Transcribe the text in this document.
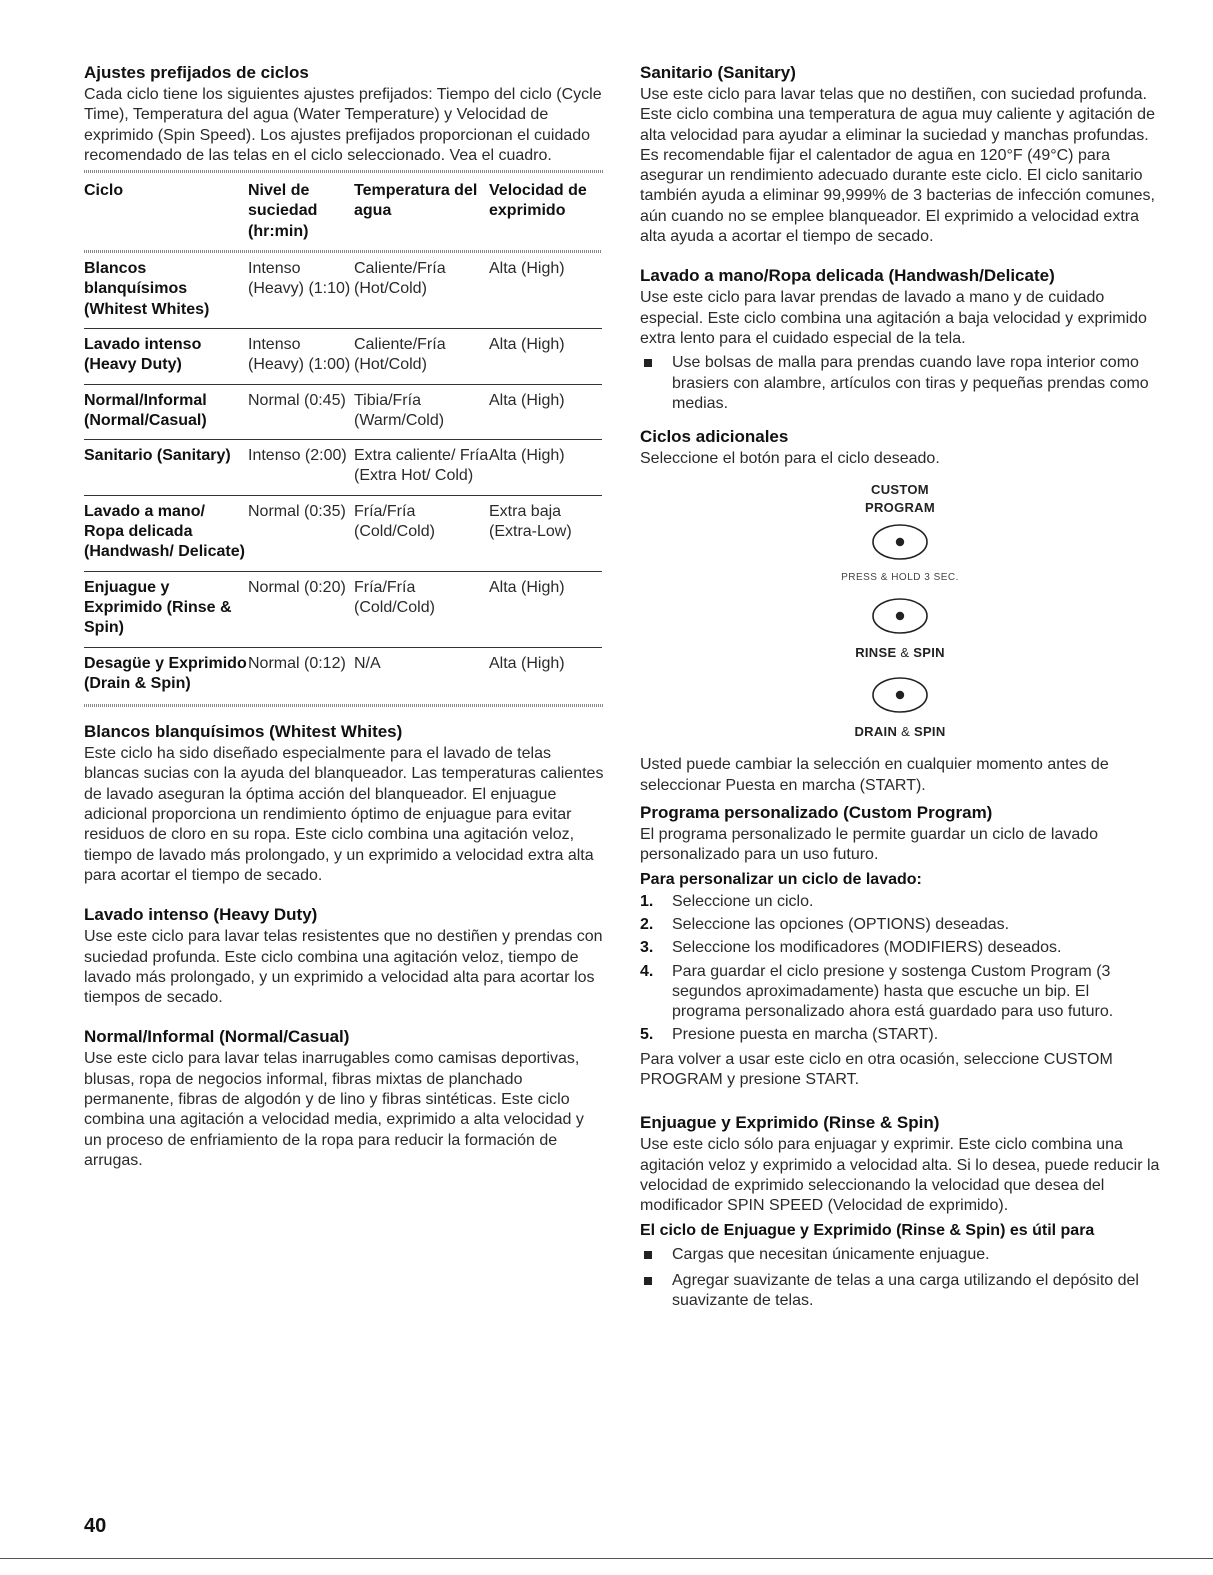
Ajustes prefijados de ciclos

Cada ciclo tiene los siguientes ajustes prefijados: Tiempo del ciclo (Cycle Time), Temperatura del agua (Water Temperature) y Velocidad de exprimido (Spin Speed). Los ajustes prefijados proporcionan el cuidado recomendado de las telas en el ciclo seleccionado. Vea el cuadro.

Ciclo	Nivel de suciedad (hr:min)	Temperatura del agua	Velocidad de exprimido

Blancos blanquísimos (Whitest Whites)	Intenso (Heavy) (1:10)	Caliente/Fría (Hot/Cold)	Alta (High)
Lavado intenso (Heavy Duty)	Intenso (Heavy) (1:00)	Caliente/Fría (Hot/Cold)	Alta (High)
Normal/Informal (Normal/Casual)	Normal (0:45)	Tibia/Fría (Warm/Cold)	Alta (High)
Sanitario (Sanitary)	Intenso (2:00)	Extra caliente/ Fría (Extra Hot/ Cold)	Alta (High)
Lavado a mano/ Ropa delicada (Handwash/ Delicate)	Normal (0:35)	Fría/Fría (Cold/Cold)	Extra baja (Extra-Low)
Enjuague y Exprimido (Rinse & Spin)	Normal (0:20)	Fría/Fría (Cold/Cold)	Alta (High)
Desagüe y Exprimido (Drain & Spin)	Normal (0:12)	N/A	Alta (High)
Blancos blanquísimos (Whitest Whites)

Este ciclo ha sido diseñado especialmente para el lavado de telas blancas sucias con la ayuda del blanqueador. Las temperaturas calientes de lavado aseguran la óptima acción del blanqueador. El enjuague adicional proporciona un rendimiento óptimo de enjuague para evitar residuos de cloro en su ropa. Este ciclo combina una agitación veloz, tiempo de lavado más prolongado, y un exprimido a velocidad extra alta para acortar el tiempo de secado.

Lavado intenso (Heavy Duty)

Use este ciclo para lavar telas resistentes que no destiñen y prendas con suciedad profunda. Este ciclo combina una agitación veloz, tiempo de lavado más prolongado, y un exprimido a velocidad alta para acortar los tiempos de secado.

Normal/Informal (Normal/Casual)

Use este ciclo para lavar telas inarrugables como camisas deportivas, blusas, ropa de negocios informal, fibras mixtas de planchado permanente, fibras de algodón y de lino y fibras sintéticas. Este ciclo combina una agitación a velocidad media, exprimido a alta velocidad y un proceso de enfriamiento de la ropa para reducir la formación de arrugas.

Sanitario (Sanitary)

Use este ciclo para lavar telas que no destiñen, con suciedad profunda. Este ciclo combina una temperatura de agua muy caliente y agitación de alta velocidad para ayudar a eliminar la suciedad y manchas profundas. Es recomendable fijar el calentador de agua en 120°F (49°C) para asegurar un rendimiento adecuado durante este ciclo. El ciclo sanitario también ayuda a eliminar 99,999% de 3 bacterias de infección comunes, aún cuando no se emplee blanqueador. El exprimido a velocidad extra alta ayuda a acortar el tiempo de secado.

Lavado a mano/Ropa delicada (Handwash/Delicate)

Use este ciclo para lavar prendas de lavado a mano y de cuidado especial. Este ciclo combina una agitación a baja velocidad y exprimido extra lento para el cuidado especial de la tela.

Use bolsas de malla para prendas cuando lave ropa interior como brasiers con alambre, artículos con tiras y pequeñas prendas como medias.
Ciclos adicionales

Seleccione el botón para el ciclo deseado.

CUSTOM
PROGRAM
PRESS & HOLD 3 SEC.
RINSE & SPIN
DRAIN & SPIN

Usted puede cambiar la selección en cualquier momento antes de seleccionar Puesta en marcha (START).

Programa personalizado (Custom Program)

El programa personalizado le permite guardar un ciclo de lavado personalizado para un uso futuro.

Para personalizar un ciclo de lavado:
1. Seleccione un ciclo.
2. Seleccione las opciones (OPTIONS) deseadas.
3. Seleccione los modificadores (MODIFIERS) deseados.
4. Para guardar el ciclo presione y sostenga Custom Program (3 segundos aproximadamente) hasta que escuche un bip. El programa personalizado ahora está guardado para uso futuro.
5. Presione puesta en marcha (START).

Para volver a usar este ciclo en otra ocasión, seleccione CUSTOM PROGRAM y presione START.

Enjuague y Exprimido (Rinse & Spin)

Use este ciclo sólo para enjuagar y exprimir. Este ciclo combina una agitación veloz y exprimido a velocidad alta. Si lo desea, puede reducir la velocidad de exprimido seleccionando la velocidad que desea del modificador SPIN SPEED (Velocidad de exprimido).

El ciclo de Enjuague y Exprimido (Rinse & Spin) es útil para
Cargas que necesitan únicamente enjuague.
Agregar suavizante de telas a una carga utilizando el depósito del suavizante de telas.
40
